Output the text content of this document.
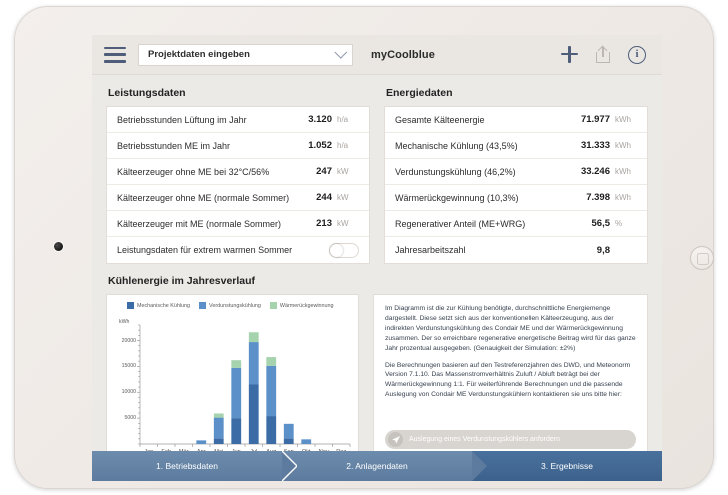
Projektdaten eingeben	myCoolblue	i
Leistungsdaten
Betriebsstunden Lüftung im Jahr	3.120 h/a
Betriebsstunden ME im Jahr	1.052 h/a
Kälteerzeuger ohne ME bei 32°C/56%	247 kW
Kälteerzeuger ohne ME (normale Sommer)	244 kW
Kälteerzeuger mit ME (normale Sommer)	213 kW
Leistungsdaten für extrem warmen Sommer
Energiedaten
Gesamte Kälteenergie	71.977 kWh
Mechanische Kühlung (43,5%)	31.333 kWh
Verdunstungskühlung (46,2%)	33.246 kWh
Wärmerückgewinnung (10,3%)	7.398 kWh
Regenerativer Anteil (ME+WRG)	56,5 %
Jahresarbeitszahl	9,8
Kühlenergie im Jahresverlauf
Mechanische Kühlung	Verdunstungskühlung	Wärmerückgewinnung
kWh
5000
10000
15000
20000

Im Diagramm ist die zur Kühlung benötigte, durchschnittliche Energiemenge dargestellt. Diese setzt sich aus der konventionellen Kälteerzeugung, aus der indirekten Verdunstungskühlung des Condair ME und der Wärmerückgewinnung zusammen. Der so erreichbare regenerative energetische Beitrag wird für das ganze Jahr prozentual ausgegeben. (Genauigkeit der Simulation: ±2%)

Die Berechnungen basieren auf den Testreferenzjahren des DWD, und Meteonorm Version 7.1.10. Das Massenstromverhältnis Zuluft / Abluft beträgt bei der Wärmerückgewinnung 1:1. Für weiterführende Berechnungen und die passende Auslegung von Condair ME Verdunstungskühlern kontaktieren sie uns bitte hier:

Auslegung eines Verdunstungskühlers anfordern
1. Betriebsdaten	2. Anlagendaten	3. Ergebnisse
